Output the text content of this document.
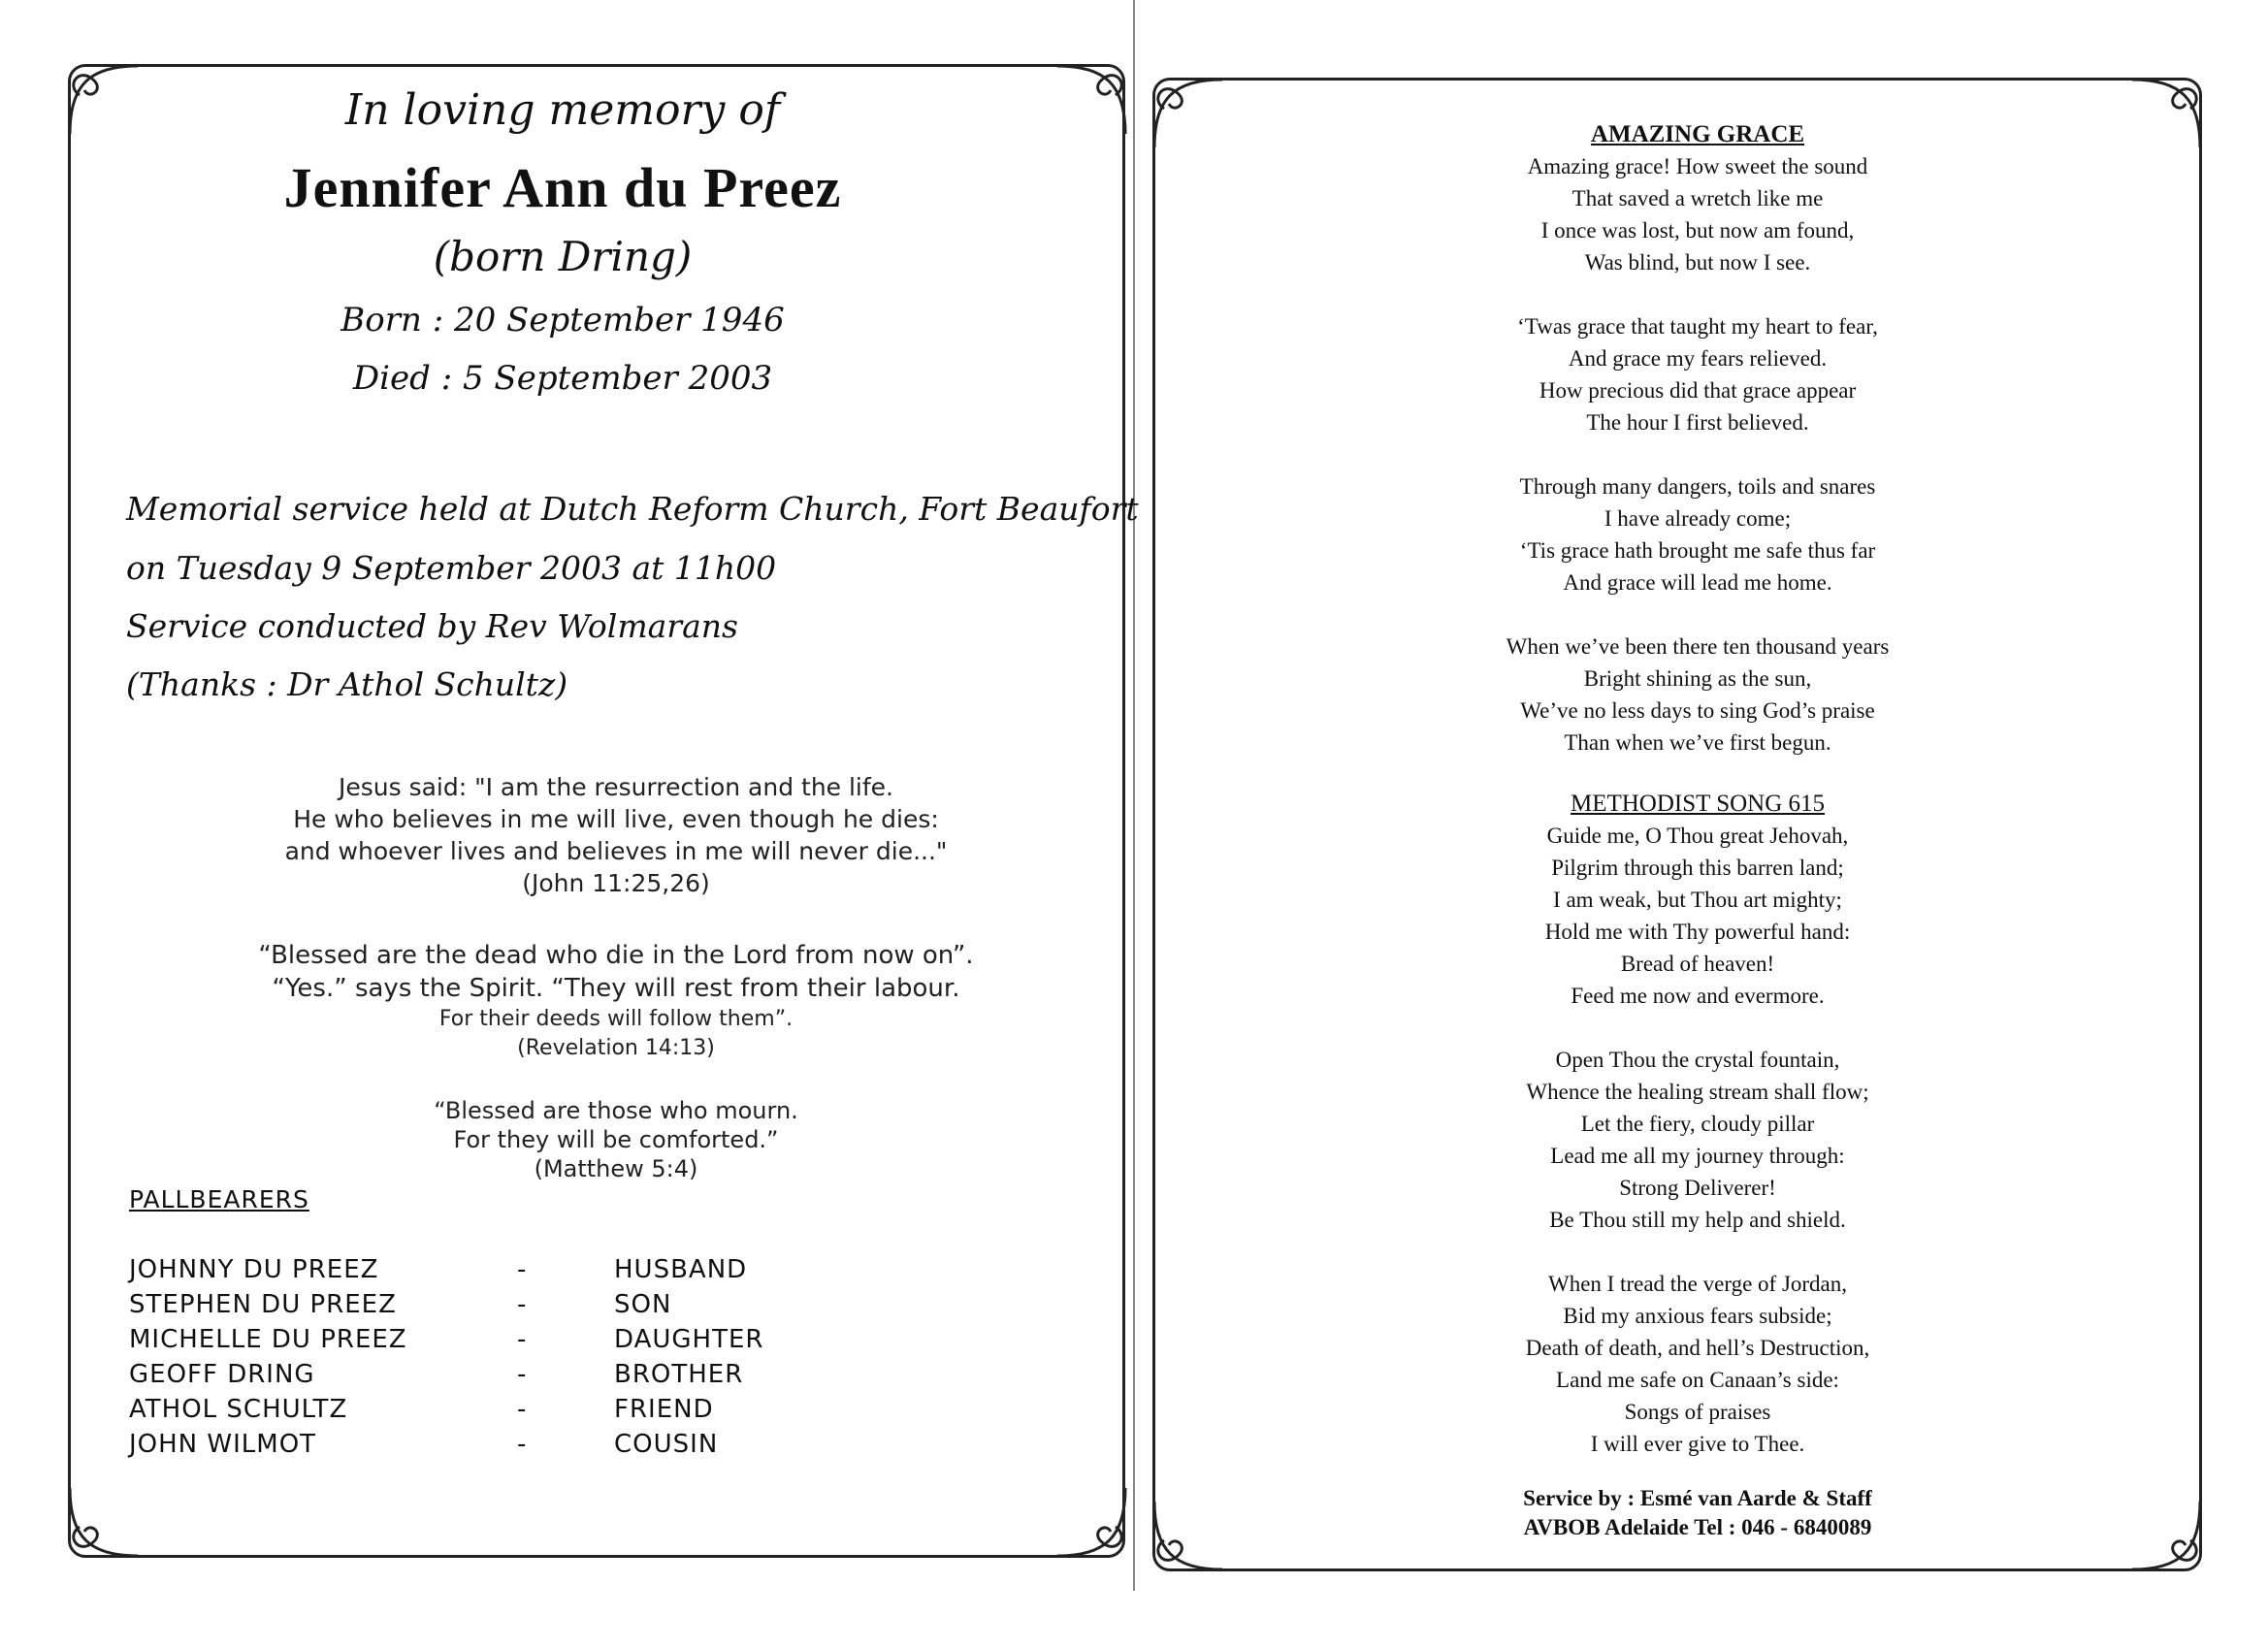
In loving memory of
Jennifer Ann du Preez
(born Dring)
Born : 20 September 1946
Died : 5 September 2003
Memorial service held at Dutch Reform Church, Fort Beaufort
on Tuesday 9 September 2003 at 11h00
Service conducted by Rev Wolmarans
(Thanks : Dr Athol Schultz)
Jesus said: "I am the resurrection and the life.
He who believes in me will live, even though he dies:
and whoever lives and believes in me will never die..."
(John 11:25,26)
“Blessed are the dead who die in the Lord from now on”.
“Yes.” says the Spirit. “They will rest from their labour.
For their deeds will follow them”.
(Revelation 14:13)
“Blessed are those who mourn.
For they will be comforted.”
(Matthew 5:4)
PALLBEARERS
JOHNNY DU PREEZ	-	HUSBAND
STEPHEN DU PREEZ	-	SON
MICHELLE DU PREEZ	-	DAUGHTER
GEOFF DRING	-	BROTHER
ATHOL SCHULTZ	-	FRIEND
JOHN WILMOT	-	COUSIN
AMAZING GRACE
Amazing grace! How sweet the sound
That saved a wretch like me
I once was lost, but now am found,
Was blind, but now I see.
‘Twas grace that taught my heart to fear,
And grace my fears relieved.
How precious did that grace appear
The hour I first believed.
Through many dangers, toils and snares
I have already come;
‘Tis grace hath brought me safe thus far
And grace will lead me home.
When we’ve been there ten thousand years
Bright shining as the sun,
We’ve no less days to sing God’s praise
Than when we’ve first begun.
METHODIST SONG 615
Guide me, O Thou great Jehovah,
Pilgrim through this barren land;
I am weak, but Thou art mighty;
Hold me with Thy powerful hand:
Bread of heaven!
Feed me now and evermore.
Open Thou the crystal fountain,
Whence the healing stream shall flow;
Let the fiery, cloudy pillar
Lead me all my journey through:
Strong Deliverer!
Be Thou still my help and shield.
When I tread the verge of Jordan,
Bid my anxious fears subside;
Death of death, and hell’s Destruction,
Land me safe on Canaan’s side:
Songs of praises
I will ever give to Thee.
Service by : Esmé van Aarde & Staff
AVBOB Adelaide Tel : 046 - 6840089
